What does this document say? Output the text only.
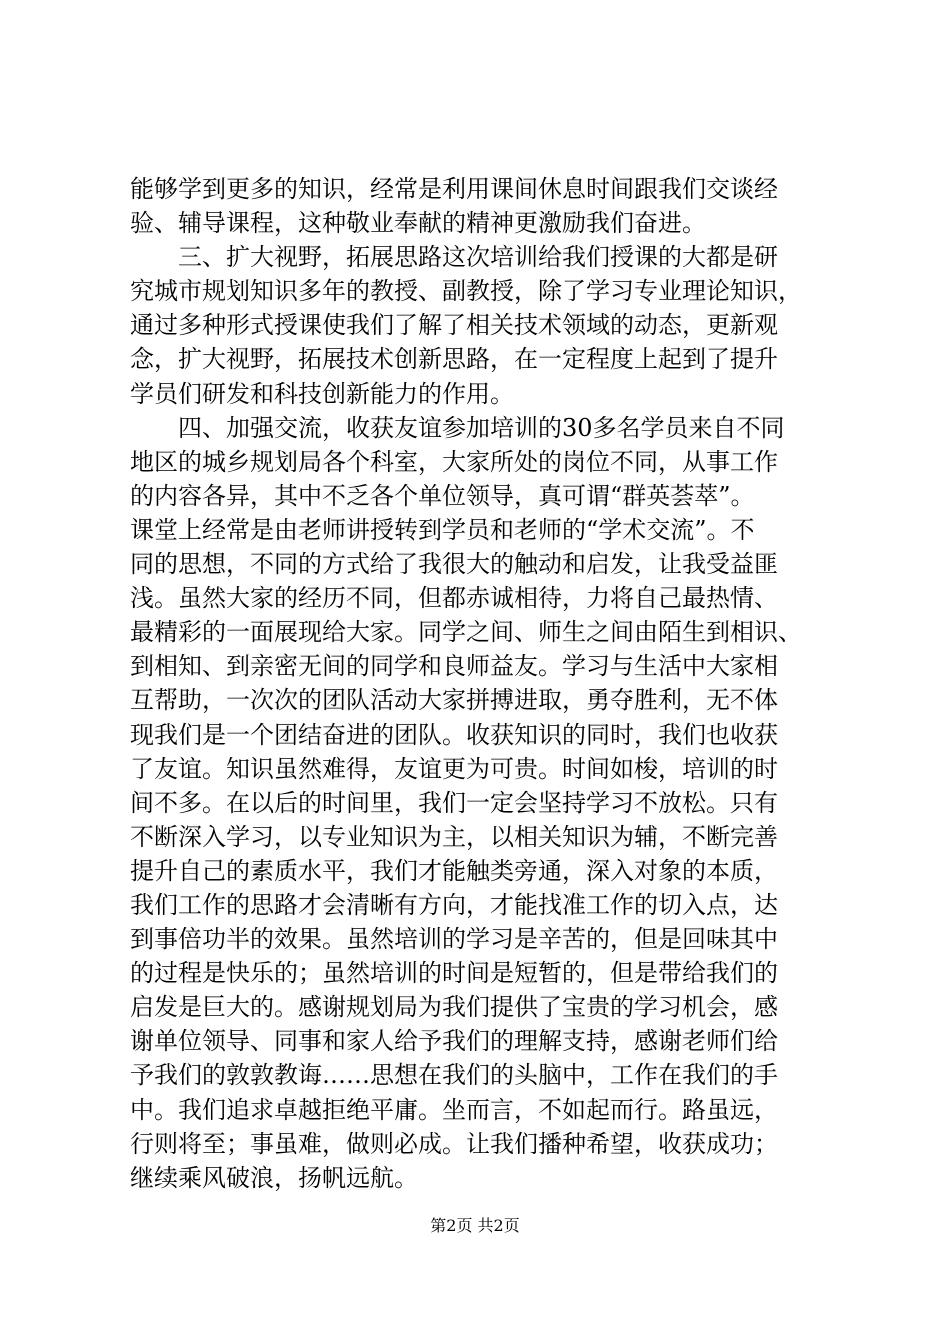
能够学到更多的知识，经常是利用课间休息时间跟我们交谈经
验、辅导课程，这种敬业奉献的精神更激励我们奋进。
　　三、扩大视野，拓展思路这次培训给我们授课的大都是研
究城市规划知识多年的教授、副教授，除了学习专业理论知识，
通过多种形式授课使我们了解了相关技术领域的动态，更新观
念，扩大视野，拓展技术创新思路，在一定程度上起到了提升
学员们研发和科技创新能力的作用。
　　四、加强交流，收获友谊参加培训的30多名学员来自不同
地区的城乡规划局各个科室，大家所处的岗位不同，从事工作
的内容各异，其中不乏各个单位领导，真可谓“群英荟萃”。
课堂上经常是由老师讲授转到学员和老师的“学术交流”。不
同的思想，不同的方式给了我很大的触动和启发，让我受益匪
浅。虽然大家的经历不同，但都赤诚相待，力将自己最热情、
最精彩的一面展现给大家。同学之间、师生之间由陌生到相识、
到相知、到亲密无间的同学和良师益友。学习与生活中大家相
互帮助，一次次的团队活动大家拼搏进取，勇夺胜利，无不体
现我们是一个团结奋进的团队。收获知识的同时，我们也收获
了友谊。知识虽然难得，友谊更为可贵。时间如梭，培训的时
间不多。在以后的时间里，我们一定会坚持学习不放松。只有
不断深入学习，以专业知识为主，以相关知识为辅，不断完善
提升自己的素质水平，我们才能触类旁通，深入对象的本质，
我们工作的思路才会清晰有方向，才能找准工作的切入点，达
到事倍功半的效果。虽然培训的学习是辛苦的，但是回味其中
的过程是快乐的；虽然培训的时间是短暂的，但是带给我们的
启发是巨大的。感谢规划局为我们提供了宝贵的学习机会，感
谢单位领导、同事和家人给予我们的理解支持，感谢老师们给
予我们的敦敦教诲……思想在我们的头脑中，工作在我们的手
中。我们追求卓越拒绝平庸。坐而言，不如起而行。路虽远，
行则将至；事虽难，做则必成。让我们播种希望，收获成功；
继续乘风破浪，扬帆远航。
第2页 共2页
